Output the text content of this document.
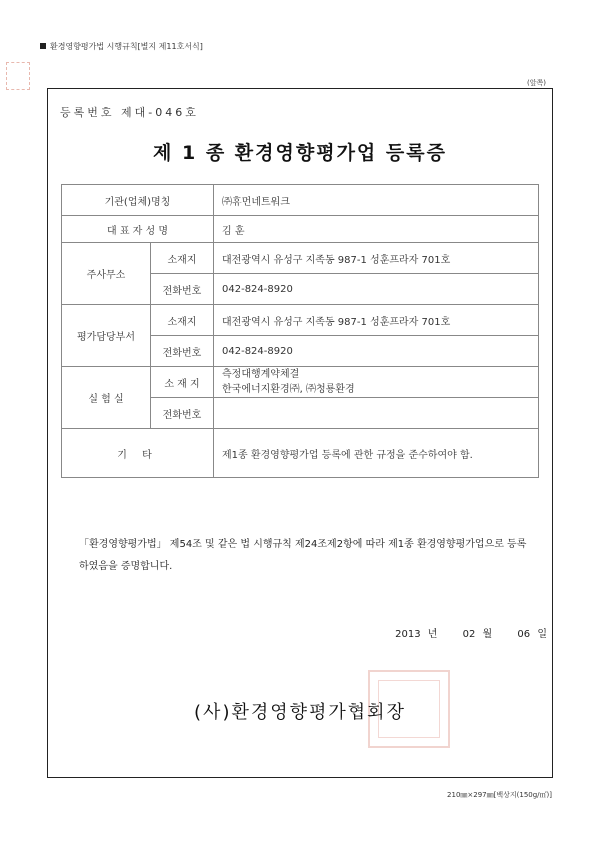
환경영향평가법 시행규칙[별지 제11호서식]
(앞쪽)
등록번호 제대-046호
제 1 종 환경영향평가업 등록증
기관(업체)명칭		㈜휴먼네트워크
대 표 자 성 명		김 훈
주사무소	소재지	대전광역시 유성구 지족동 987-1 성훈프라자 701호
	전화번호	042-824-8920
평가담당부서	소재지	대전광역시 유성구 지족동 987-1 성훈프라자 701호
	전화번호	042-824-8920
실 험 실	소 재 지	측정대행계약체결
한국에너지환경㈜, ㈜청룡환경

	전화번호	
기 타		제1종 환경영향평가업 등록에 관한 규정을 준수하여야 함.
「환경영향평가법」 제54조 및 같은 법 시행규칙 제24조제2항에 따라 제1종 환경영향평가업으로 등록하였음을 증명합니다.
2013 년	02 월	06 일
(사)환경영향평가협회장
210㎜×297㎜[백상지(150g/㎡)]
